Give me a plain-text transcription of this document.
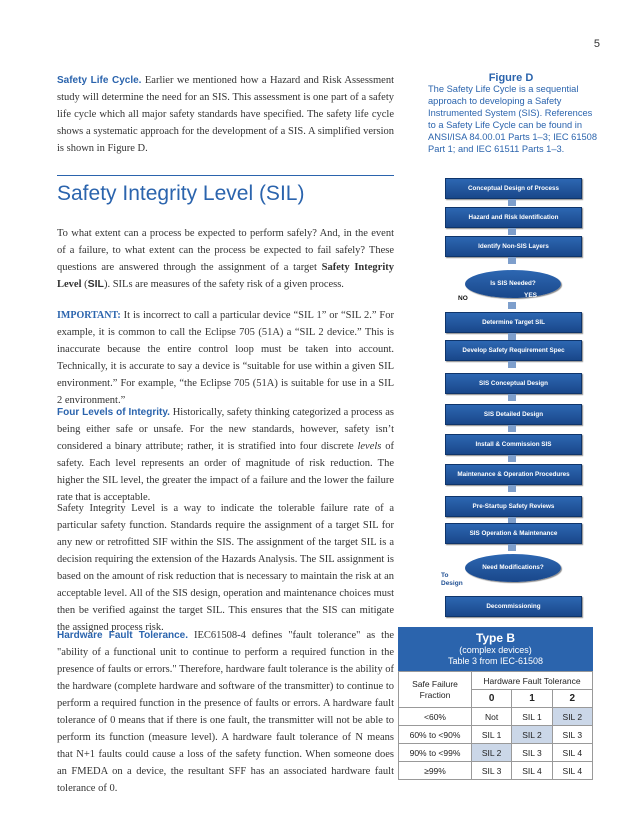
5

Safety Life Cycle. Earlier we mentioned how a Hazard and Risk Assessment study will determine the need for an SIS. This assessment is one part of a safety life cycle which all major safety standards have specified. The safety life cycle shows a systematic approach for the development of a SIS. A simplified version is shown in Figure D.

Safety Integrity Level (SIL)

To what extent can a process be expected to perform safely? And, in the event of a failure, to what extent can the process be expected to fail safely? These questions are answered through the assignment of a target Safety Integrity Level (SIL). SILs are measures of the safety risk of a given process.

IMPORTANT: It is incorrect to call a particular device “SIL 1” or “SIL 2.” For example, it is common to call the Eclipse 705 (51A) a “SIL 2 device.” This is inaccurate because the entire control loop must be taken into account. Technically, it is accurate to say a device is “suitable for use within a given SIL environment.” For example, “the Eclipse 705 (51A) is suitable for use in a SIL 2 environment.”

Four Levels of Integrity. Historically, safety thinking categorized a process as being either safe or unsafe. For the new standards, however, safety isn’t considered a binary attribute; rather, it is stratified into four discrete levels of safety. Each level represents an order of magnitude of risk reduction. The higher the SIL level, the greater the impact of a failure and the lower the failure rate that is acceptable.

Safety Integrity Level is a way to indicate the tolerable failure rate of a particular safety function. Standards require the assignment of a target SIL for any new or retrofitted SIF within the SIS. The assignment of the target SIL is a decision requiring the extension of the Hazards Analysis. The SIL assignment is based on the amount of risk reduction that is necessary to maintain the risk at an acceptable level. All of the SIS design, operation and maintenance choices must then be verified against the target SIL. This ensures that the SIS can mitigate the assigned process risk.

Hardware Fault Tolerance. IEC61508-4 defines "fault tolerance" as the "ability of a functional unit to continue to perform a required function in the presence of faults or errors." Therefore, hardware fault tolerance is the ability of the hardware (complete hardware and software of the transmitter) to continue to perform a required function in the presence of faults or errors. A hardware fault tolerance of 0 means that if there is one fault, the transmitter will not be able to perform its function (measure level). A hardware fault tolerance of N means that N+1 faults could cause a loss of the safety function. When someone does an FMEDA on a device, the resultant SFF has an associated hardware fault tolerance of 0.

Figure D
The Safety Life Cycle is a sequential approach to developing a Safety Instrumented System (SIS). References to a Safety Life Cycle can be found in ANSI/ISA 84.00.01 Parts 1–3; IEC 61508 Part 1; and IEC 61511 Parts 1–3.
Conceptual Design of Process
Hazard and Risk Identification
Identify Non-SIS Layers
Is SIS Needed?
NO	YES
Determine Target SIL
Develop Safety Requirement Spec
SIS Conceptual Design
SIS Detailed Design
Install & Commission SIS
Maintenance & Operation Procedures
Pre-Startup Safety Reviews
SIS Operation & Maintenance
Need Modifications?
To Design
Decommissioning
Type B
(complex devices)
Table 3 from IEC-61508
Safe Failure Fraction	Hardware Fault Tolerance		
	0	1	2
<60%	Not	SIL 1	SIL 2
60% to <90%	SIL 1	SIL 2	SIL 3
90% to <99%	SIL 2	SIL 3	SIL 4
≥99%	SIL 3	SIL 4	SIL 4
